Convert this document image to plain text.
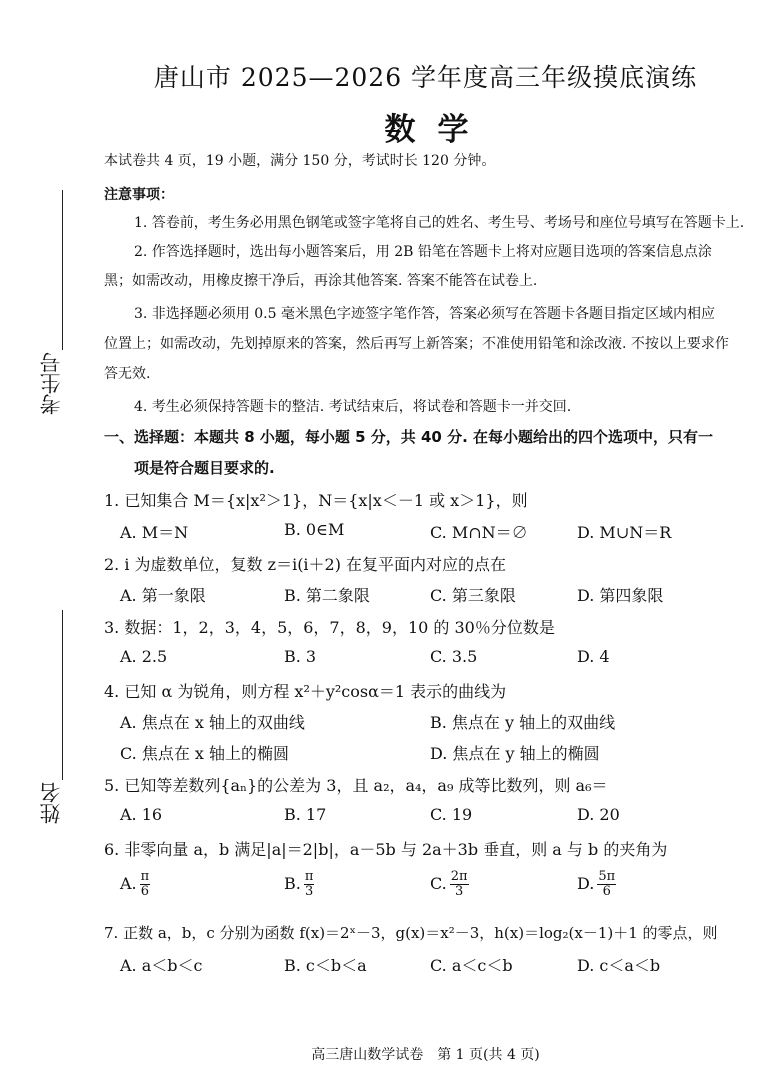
考生号
姓名
唐山市 2025—2026 学年度高三年级摸底演练
数学
本试卷共 4 页，19 小题，满分 150 分，考试时长 120 分钟。
注意事项：
1. 答卷前，考生务必用黑色钢笔或签字笔将自己的姓名、考生号、考场号和座位号填写在答题卡上.
2. 作答选择题时，选出每小题答案后，用 2B 铅笔在答题卡上将对应题目选项的答案信息点涂
黑；如需改动，用橡皮擦干净后，再涂其他答案. 答案不能答在试卷上.
3. 非选择题必须用 0.5 毫米黑色字迹签字笔作答，答案必须写在答题卡各题目指定区域内相应
位置上；如需改动，先划掉原来的答案，然后再写上新答案；不准使用铅笔和涂改液. 不按以上要求作
答无效.
4. 考生必须保持答题卡的整洁. 考试结束后，将试卷和答题卡一并交回.
一、选择题：本题共 8 小题，每小题 5 分，共 40 分. 在每小题给出的四个选项中，只有一
项是符合题目要求的.
1. 已知集合 M＝{x|x²＞1}，N＝{x|x＜－1 或 x＞1}，则
A. M＝N	B. 0∈M	C. M∩N＝∅	D. M∪N＝R
2. i 为虚数单位，复数 z＝i(i＋2) 在复平面内对应的点在
A. 第一象限	B. 第二象限	C. 第三象限	D. 第四象限
3. 数据：1，2，3，4，5，6，7，8，9，10 的 30％分位数是
A. 2.5	B. 3	C. 3.5	D. 4
4. 已知 α 为锐角，则方程 x²＋y²cosα＝1 表示的曲线为
A. 焦点在 x 轴上的双曲线	B. 焦点在 y 轴上的双曲线
C. 焦点在 x 轴上的椭圆	D. 焦点在 y 轴上的椭圆
5. 已知等差数列{aₙ}的公差为 3，且 a₂，a₄，a₉ 成等比数列，则 a₆＝
A. 16	B. 17	C. 19	D. 20
6. 非零向量 a，b 满足|a|＝2|b|，a－5b 与 2a＋3b 垂直，则 a 与 b 的夹角为
A. $\frac{\pi}{6}$	B. $\frac{\pi}{3}$	C. $\frac{2\pi}{3}$	D. $\frac{5\pi}{6}$
7. 正数 a，b，c 分别为函数 f(x)＝2ˣ－3，g(x)＝x²－3，h(x)＝log₂(x－1)＋1 的零点，则
A. a＜b＜c	B. c＜b＜a	C. a＜c＜b	D. c＜a＜b
高三唐山数学试卷　第 1 页(共 4 页)
